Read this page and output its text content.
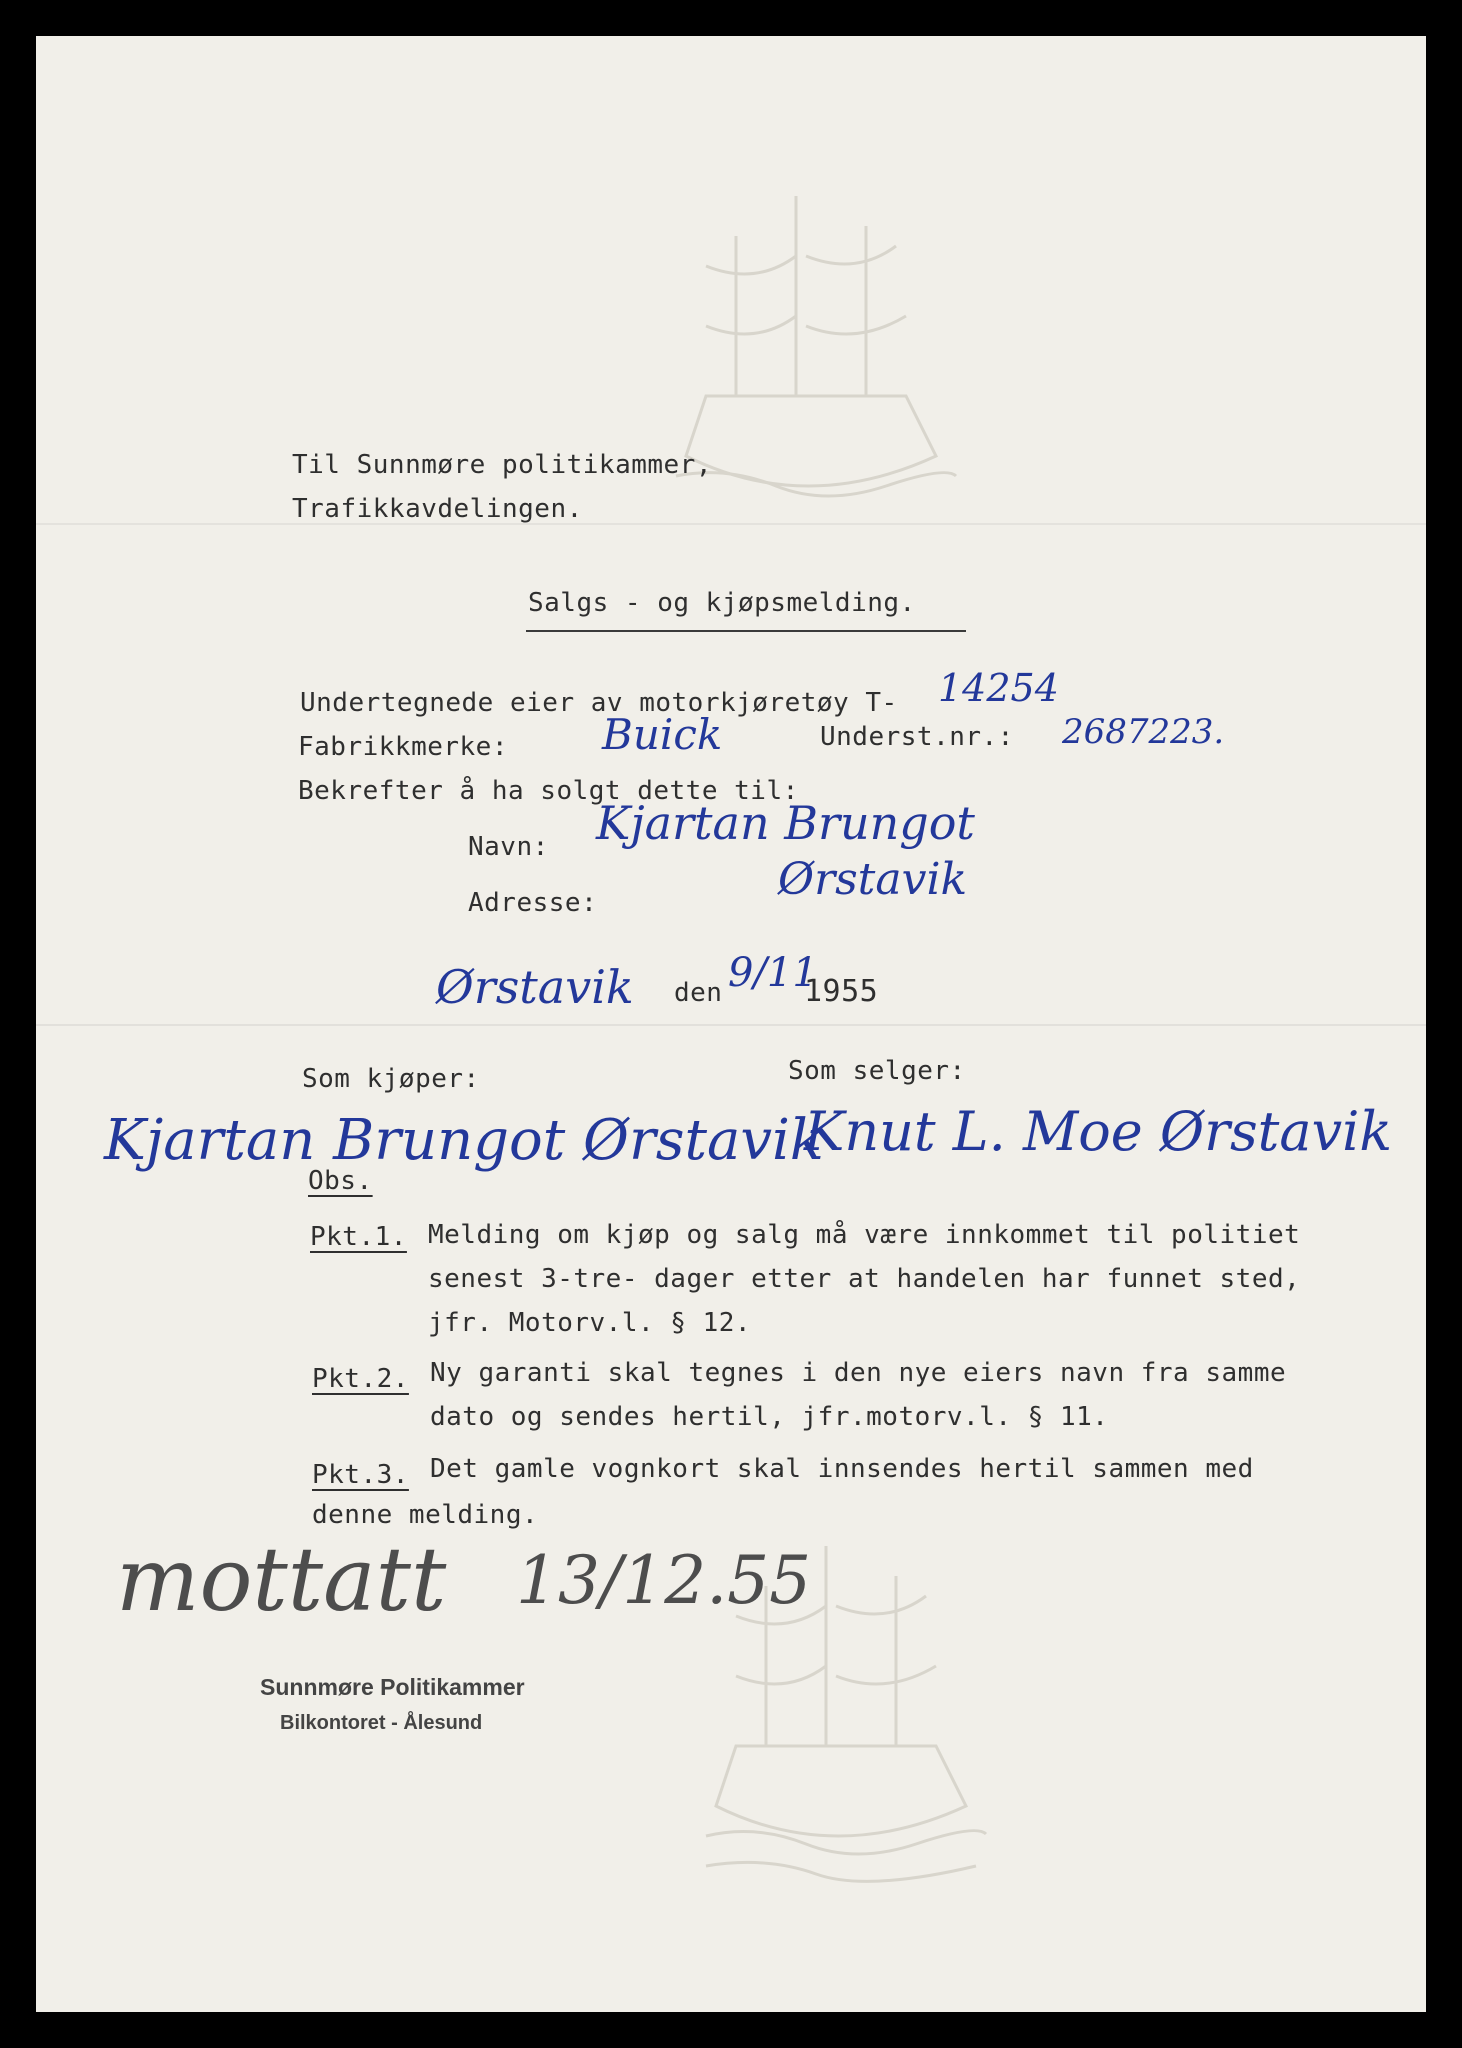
Til Sunnmøre politikammer,
Trafikkavdelingen.
Salgs - og kjøpsmelding.
Undertegnede eier av motorkjøretøy T- 14254
Fabrikkmerke: Buick	Underst.nr.: 2687223.
Bekrefter å ha solgt dette til:
Navn: Kjartan Brungot
Adresse:	Ørstavik
Ørstavik den 9/11
1955
Som kjøper:
Kjartan Brungot Ørstavik
Som selger:
Knut L. Moe Ørstavik
Obs.
Pkt.1. Melding om kjøp og salg må være innkommet til politiet
senest 3-tre- dager etter at handelen har funnet sted,
jfr. Motorv.l. § 12.
Pkt.2. Ny garanti skal tegnes i den nye eiers navn fra samme
dato og sendes hertil, jfr.motorv.l. § 11.
Pkt.3. Det gamle vognkort skal innsendes hertil sammen med
denne melding.
mottatt 13/12.55
Sunnmøre Politikammer
Bilkontoret - Ålesund
